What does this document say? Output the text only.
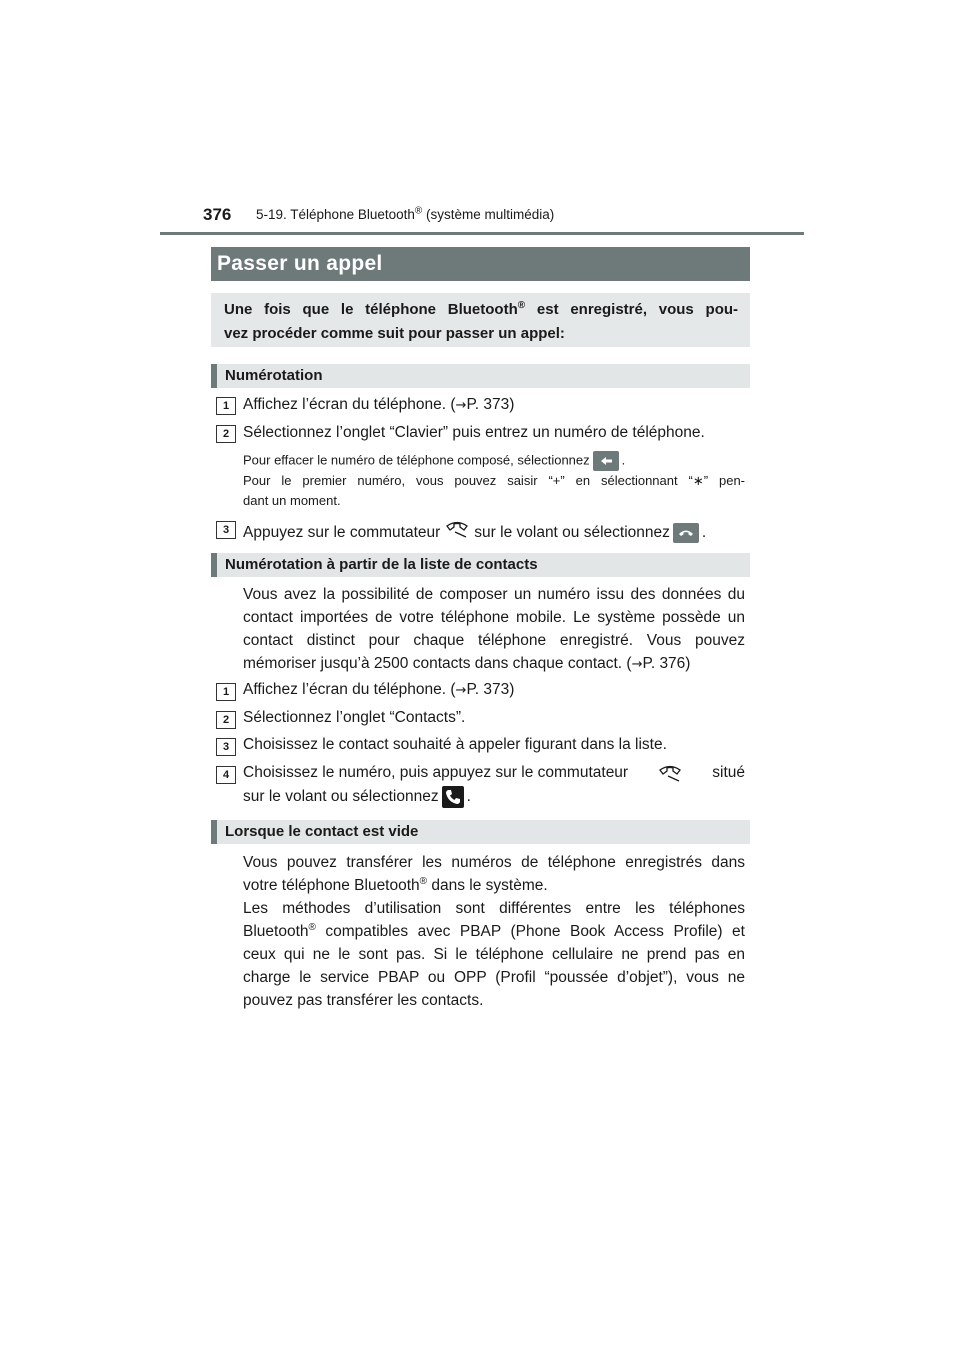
376 5-19. Téléphone Bluetooth® (système multimédia)
Passer un appel
Une fois que le téléphone Bluetooth® est enregistré, vous pou-
vez procéder comme suit pour passer un appel:
Numérotation
1 Affichez l’écran du téléphone. (→P. 373)
2 Sélectionnez l’onglet “Clavier” puis entrez un numéro de téléphone.
Pour effacer le numéro de téléphone composé, sélectionnez .
Pour le premier numéro, vous pouvez saisir “+” en sélectionnant “∗” pen-
dant un moment.
3 Appuyez sur le commutateur sur le volant ou sélectionnez .
Numérotation à partir de la liste de contacts
Vous avez la possibilité de composer un numéro issu des données du
contact importées de votre téléphone mobile. Le système possède un
contact distinct pour chaque téléphone enregistré. Vous pouvez
mémoriser jusqu’à 2500 contacts dans chaque contact. (→P. 376)
1 Affichez l’écran du téléphone. (→P. 373)
2 Sélectionnez l’onglet “Contacts”.
3 Choisissez le contact souhaité à appeler figurant dans la liste.
4 Choisissez le numéro, puis appuyez sur le commutateur	situé
sur le volant ou sélectionnez .
Lorsque le contact est vide
Vous pouvez transférer les numéros de téléphone enregistrés dans
votre téléphone Bluetooth® dans le système.
Les méthodes d’utilisation sont différentes entre les téléphones
Bluetooth® compatibles avec PBAP (Phone Book Access Profile) et
ceux qui ne le sont pas. Si le téléphone cellulaire ne prend pas en
charge le service PBAP ou OPP (Profil “poussée d’objet”), vous ne
pouvez pas transférer les contacts.
